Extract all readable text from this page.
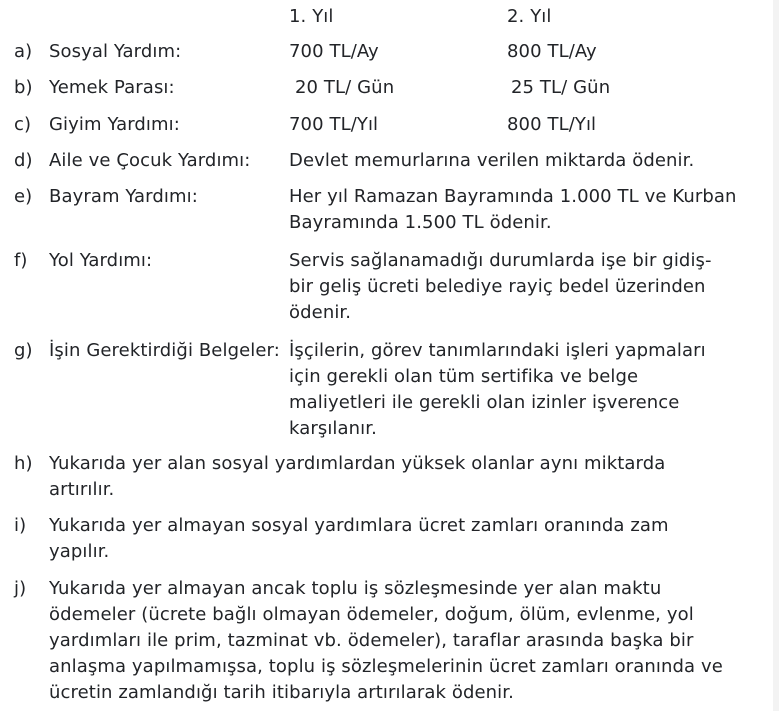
1. Yıl	2. Yıl
a) Sosyal Yardım:	700 TL/Ay	800 TL/Ay
b) Yemek Parası:	20 TL/ Gün	25 TL/ Gün
c) Giyim Yardımı:	700 TL/Yıl	800 TL/Yıl
d) Aile ve Çocuk Yardımı: Devlet memurlarına verilen miktarda ödenir.
e) Bayram Yardımı:	Her yıl Ramazan Bayramında 1.000 TL ve Kurban
Bayramında 1.500 TL ödenir.
f) Yol Yardımı:	Servis sağlanamadığı durumlarda işe bir gidiş-
bir geliş ücreti belediye rayiç bedel üzerinden
ödenir.
g) İşin Gerektirdiği Belgeler: İşçilerin, görev tanımlarındaki işleri yapmaları
için gerekli olan tüm sertifika ve belge
maliyetleri ile gerekli olan izinler işverence
karşılanır.
h) Yukarıda yer alan sosyal yardımlardan yüksek olanlar aynı miktarda
artırılır.
i) Yukarıda yer almayan sosyal yardımlara ücret zamları oranında zam
yapılır.
j) Yukarıda yer almayan ancak toplu iş sözleşmesinde yer alan maktu
ödemeler (ücrete bağlı olmayan ödemeler, doğum, ölüm, evlenme, yol
yardımları ile prim, tazminat vb. ödemeler), taraflar arasında başka bir
anlaşma yapılmamışsa, toplu iş sözleşmelerinin ücret zamları oranında ve
ücretin zamlandığı tarih itibarıyla artırılarak ödenir.
